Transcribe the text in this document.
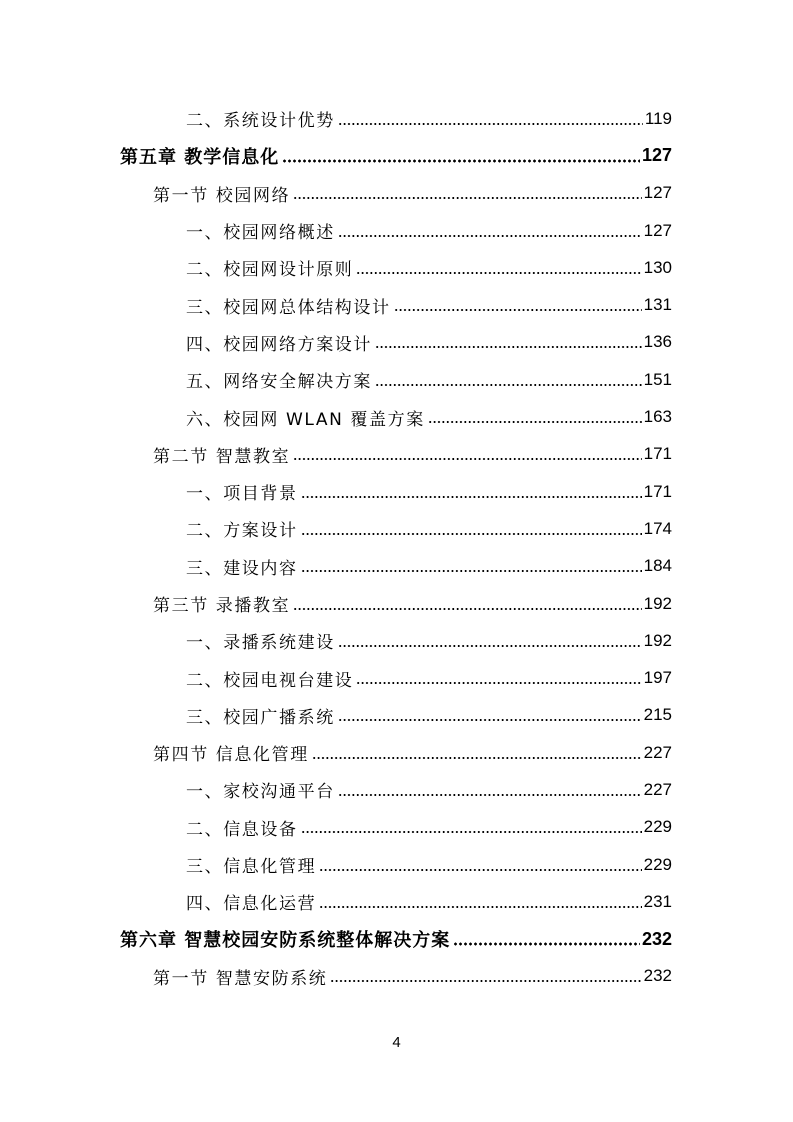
二、系统设计优势	119
第五章 教学信息化	127
第一节 校园网络	127
一、校园网络概述	127
二、校园网设计原则	130
三、校园网总体结构设计	131
四、校园网络方案设计	136
五、网络安全解决方案	151
六、校园网 WLAN 覆盖方案	163
第二节 智慧教室	171
一、项目背景	171
二、方案设计	174
三、建设内容	184
第三节 录播教室	192
一、录播系统建设	192
二、校园电视台建设	197
三、校园广播系统	215
第四节 信息化管理	227
一、家校沟通平台	227
二、信息设备	229
三、信息化管理	229
四、信息化运营	231
第六章 智慧校园安防系统整体解决方案	232
第一节 智慧安防系统	232
4
